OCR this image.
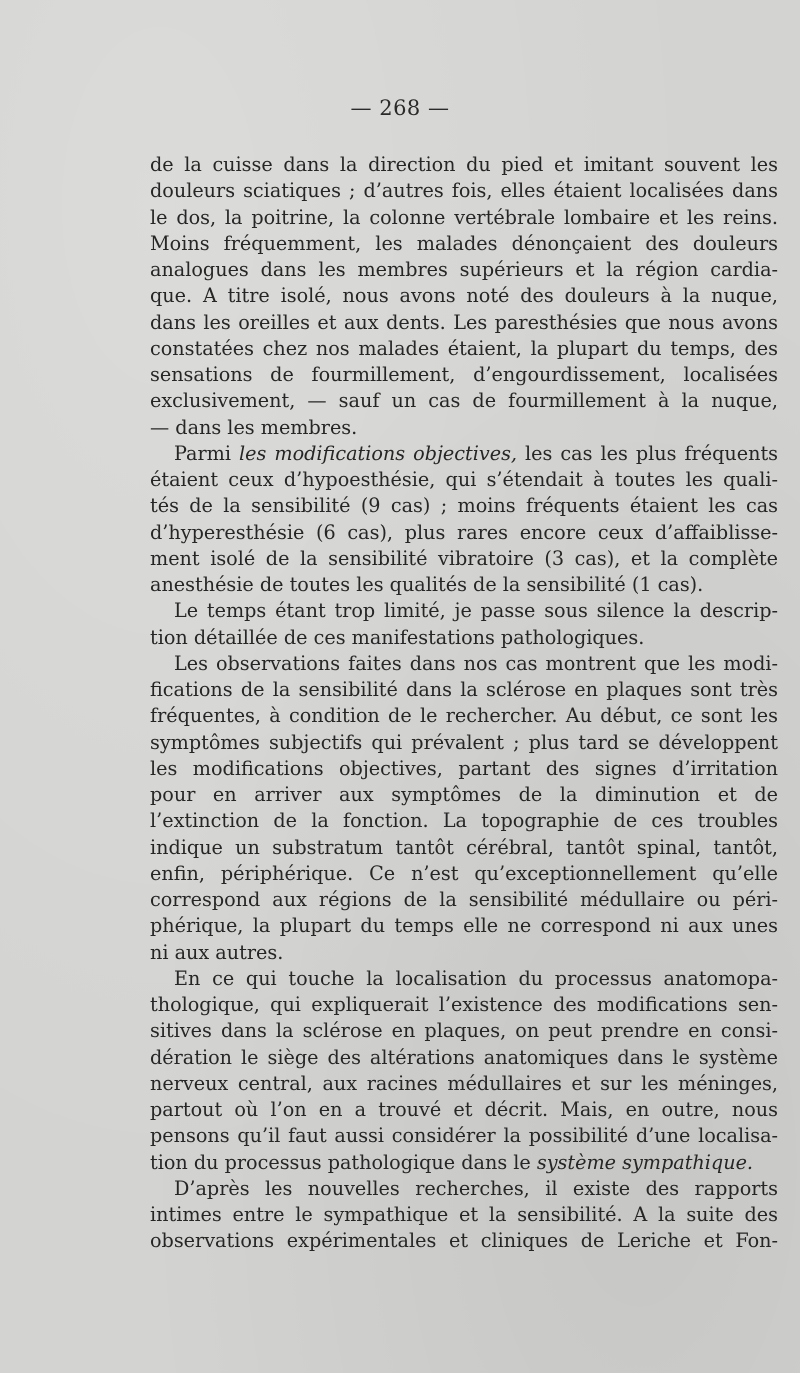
— 268 —
de la cuisse dans la direction du pied et imitant souvent les
douleurs sciatiques ; d’autres fois, elles étaient localisées dans
le dos, la poitrine, la colonne vertébrale lombaire et les reins.
Moins fréquemment, les malades dénonçaient des douleurs
analogues dans les membres supérieurs et la région cardia-
que. A titre isolé, nous avons noté des douleurs à la nuque,
dans les oreilles et aux dents. Les paresthésies que nous avons
constatées chez nos malades étaient, la plupart du temps, des
sensations de fourmillement, d’engourdissement, localisées
exclusivement, — sauf un cas de fourmillement à la nuque,
— dans les membres.
Parmi les modifications objectives, les cas les plus fréquents
étaient ceux d’hypoesthésie, qui s’étendait à toutes les quali-
tés de la sensibilité (9 cas) ; moins fréquents étaient les cas
d’hyperesthésie (6 cas), plus rares encore ceux d’affaiblisse-
ment isolé de la sensibilité vibratoire (3 cas), et la complète
anesthésie de toutes les qualités de la sensibilité (1 cas).
Le temps étant trop limité, je passe sous silence la descrip-
tion détaillée de ces manifestations pathologiques.
Les observations faites dans nos cas montrent que les modi-
fications de la sensibilité dans la sclérose en plaques sont très
fréquentes, à condition de le rechercher. Au début, ce sont les
symptômes subjectifs qui prévalent ; plus tard se développent
les modifications objectives, partant des signes d’irritation
pour en arriver aux symptômes de la diminution et de
l’extinction de la fonction. La topographie de ces troubles
indique un substratum tantôt cérébral, tantôt spinal, tantôt,
enfin, périphérique. Ce n’est qu’exceptionnellement qu’elle
correspond aux régions de la sensibilité médullaire ou péri-
phérique, la plupart du temps elle ne correspond ni aux unes
ni aux autres.
En ce qui touche la localisation du processus anatomopa-
thologique, qui expliquerait l’existence des modifications sen-
sitives dans la sclérose en plaques, on peut prendre en consi-
dération le siège des altérations anatomiques dans le système
nerveux central, aux racines médullaires et sur les méninges,
partout où l’on en a trouvé et décrit. Mais, en outre, nous
pensons qu’il faut aussi considérer la possibilité d’une localisa-
tion du processus pathologique dans le système sympathique.
D’après les nouvelles recherches, il existe des rapports
intimes entre le sympathique et la sensibilité. A la suite des
observations expérimentales et cliniques de Leriche et Fon-
